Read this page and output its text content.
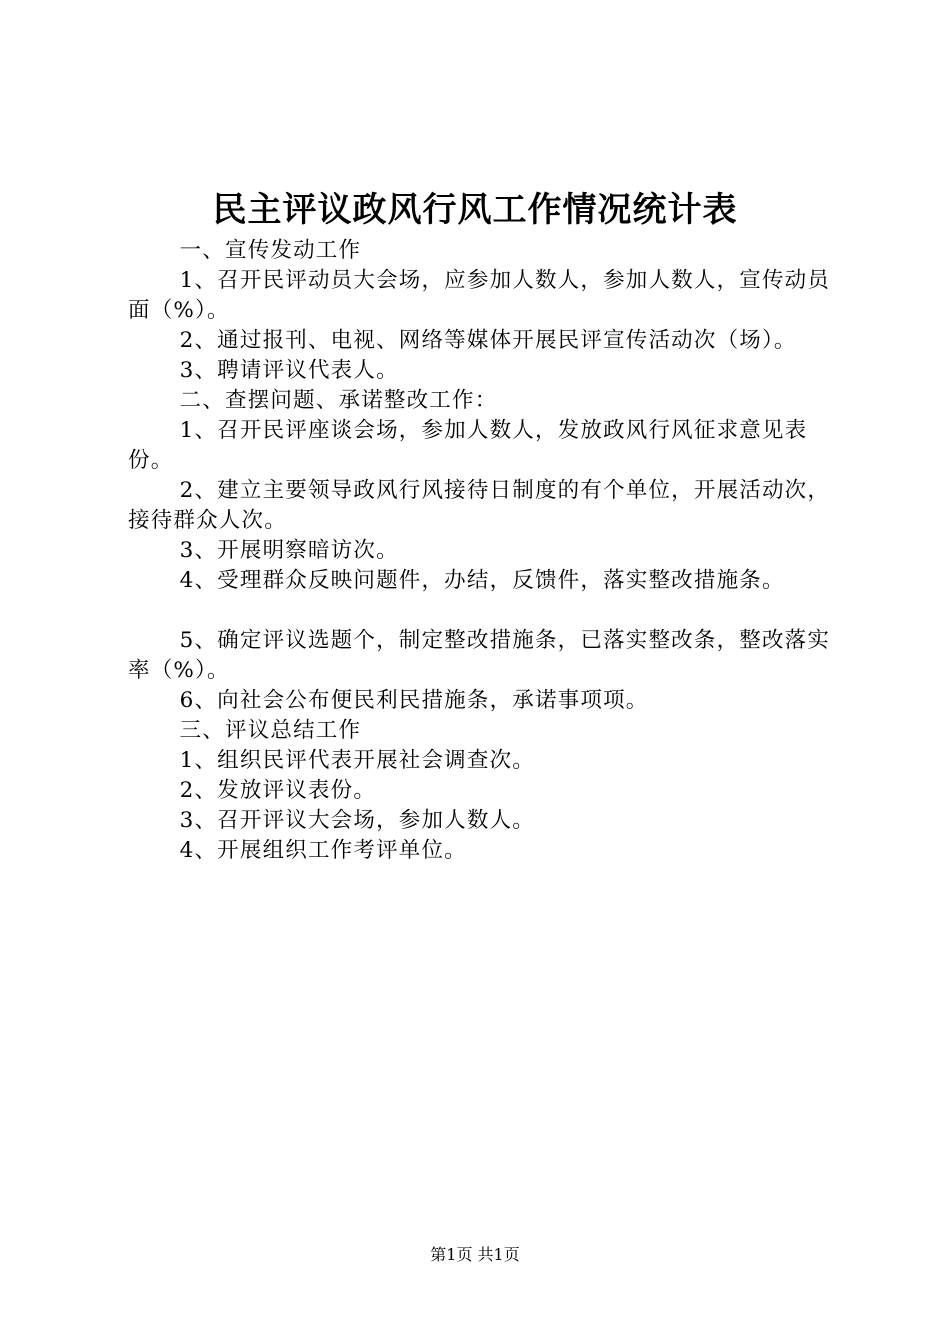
民主评议政风行风工作情况统计表

一、宣传发动工作

1、召开民评动员大会场，应参加人数人，参加人数人，宣传动员面（%）。

2、通过报刊、电视、网络等媒体开展民评宣传活动次（场）。

3、聘请评议代表人。

二、查摆问题、承诺整改工作：

1、召开民评座谈会场，参加人数人，发放政风行风征求意见表份。

2、建立主要领导政风行风接待日制度的有个单位，开展活动次，接待群众人次。

3、开展明察暗访次。

4、受理群众反映问题件，办结，反馈件，落实整改措施条。

5、确定评议选题个，制定整改措施条，已落实整改条，整改落实率（%）。

6、向社会公布便民利民措施条，承诺事项项。

三、评议总结工作

1、组织民评代表开展社会调查次。

2、发放评议表份。

3、召开评议大会场，参加人数人。

4、开展组织工作考评单位。

第1页 共1页
